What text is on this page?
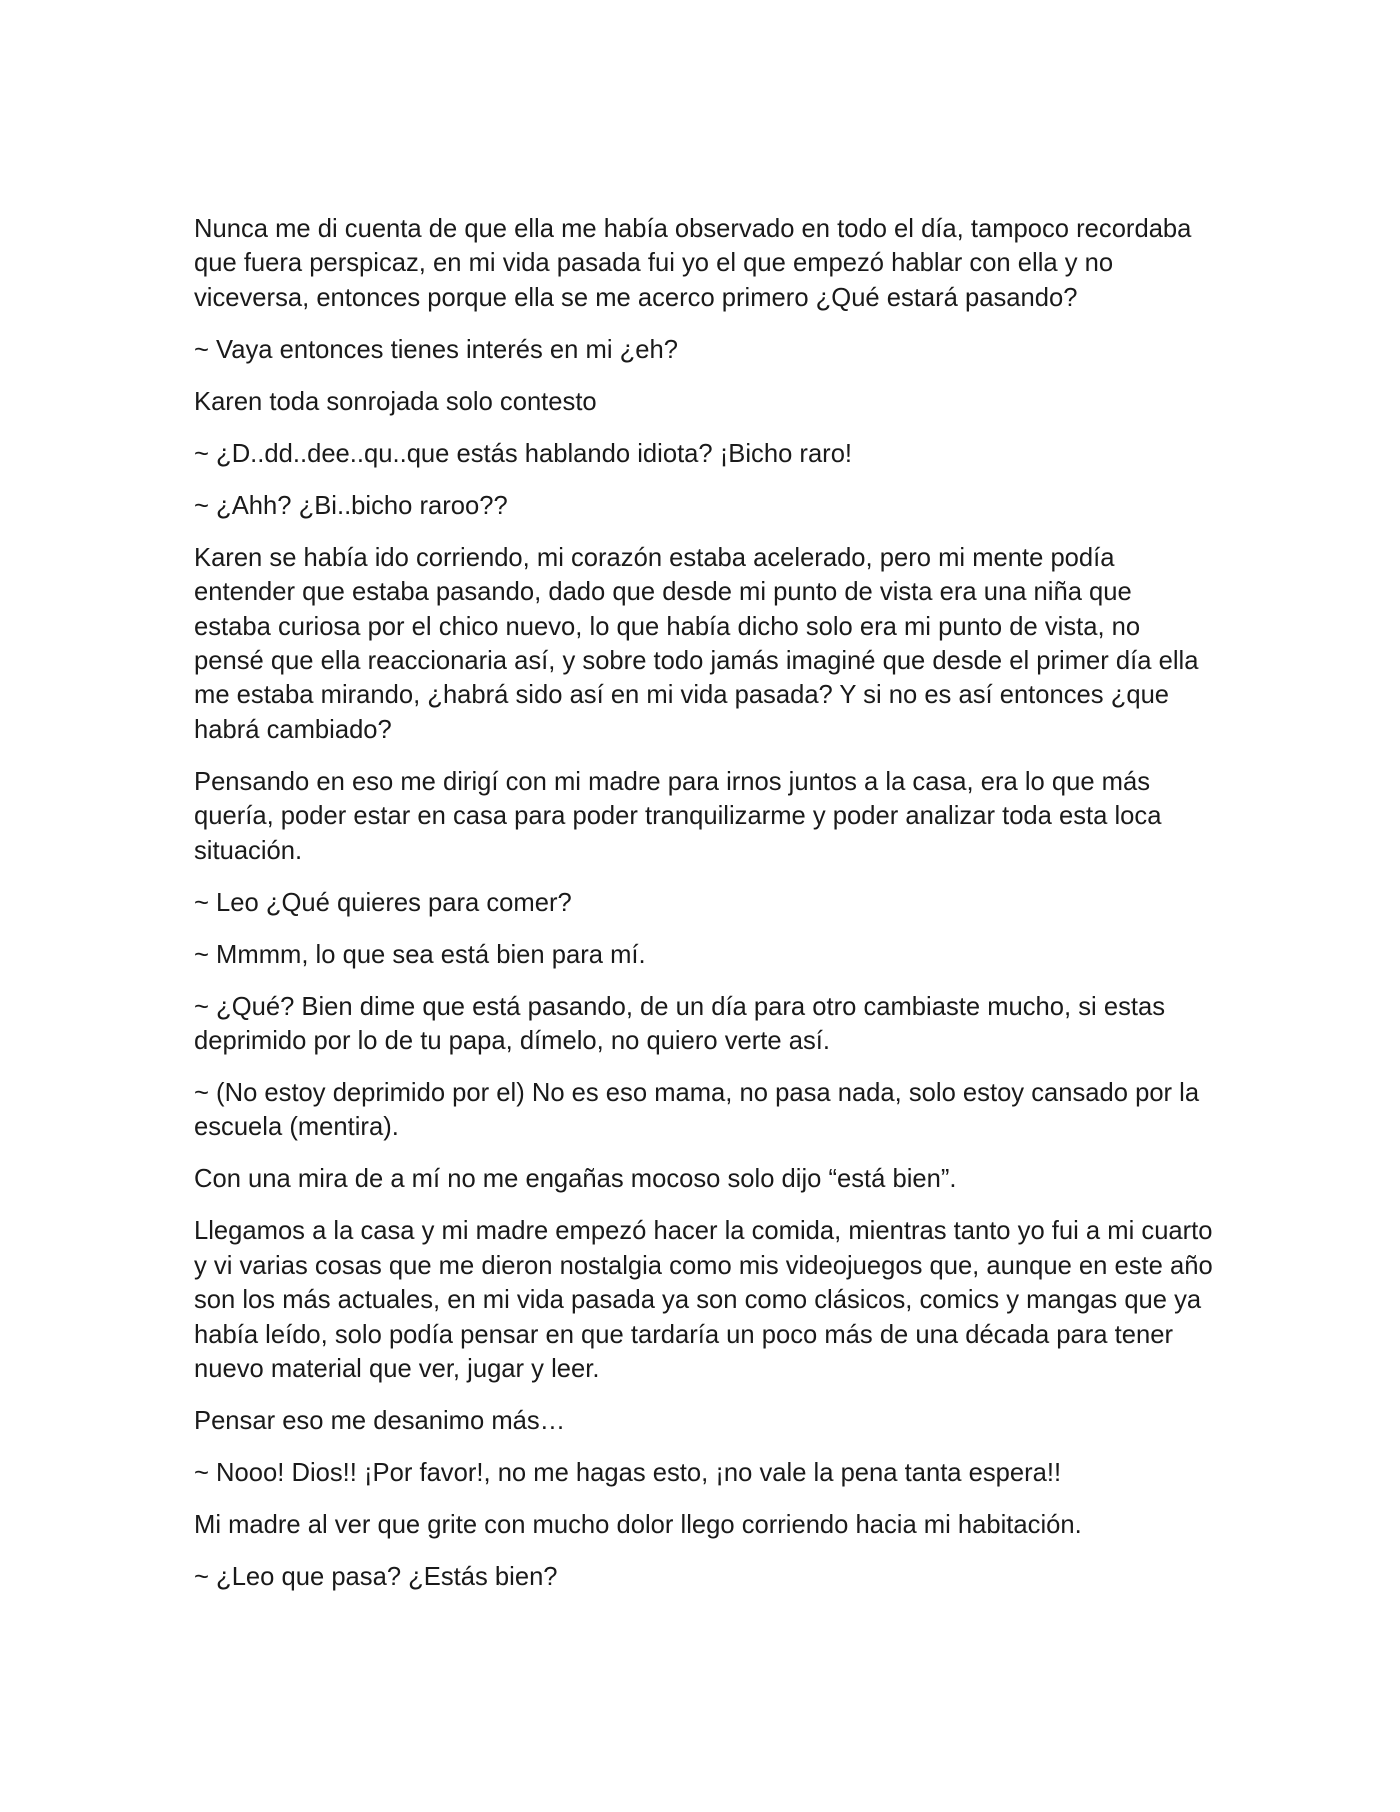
Nunca me di cuenta de que ella me había observado en todo el día, tampoco recordaba que fuera perspicaz, en mi vida pasada fui yo el que empezó hablar con ella y no viceversa, entonces porque ella se me acerco primero ¿Qué estará pasando?

~ Vaya entonces tienes interés en mi ¿eh?

Karen toda sonrojada solo contesto

~ ¿D..dd..dee..qu..que estás hablando idiota? ¡Bicho raro!

~ ¿Ahh? ¿Bi..bicho raroo??

Karen se había ido corriendo, mi corazón estaba acelerado, pero mi mente podía entender que estaba pasando, dado que desde mi punto de vista era una niña que estaba curiosa por el chico nuevo, lo que había dicho solo era mi punto de vista, no pensé que ella reaccionaria así, y sobre todo jamás imaginé que desde el primer día ella me estaba mirando, ¿habrá sido así en mi vida pasada? Y si no es así entonces ¿que habrá cambiado?

Pensando en eso me dirigí con mi madre para irnos juntos a la casa, era lo que más quería, poder estar en casa para poder tranquilizarme y poder analizar toda esta loca situación.

~ Leo ¿Qué quieres para comer?

~ Mmmm, lo que sea está bien para mí.

~ ¿Qué? Bien dime que está pasando, de un día para otro cambiaste mucho, si estas deprimido por lo de tu papa, dímelo, no quiero verte así.

~ (No estoy deprimido por el) No es eso mama, no pasa nada, solo estoy cansado por la escuela (mentira).

Con una mira de a mí no me engañas mocoso solo dijo “está bien”.

Llegamos a la casa y mi madre empezó hacer la comida, mientras tanto yo fui a mi cuarto y vi varias cosas que me dieron nostalgia como mis videojuegos que, aunque en este año son los más actuales, en mi vida pasada ya son como clásicos, comics y mangas que ya había leído, solo podía pensar en que tardaría un poco más de una década para tener nuevo material que ver, jugar y leer.

Pensar eso me desanimo más…

~ Nooo! Dios!! ¡Por favor!, no me hagas esto, ¡no vale la pena tanta espera!!

Mi madre al ver que grite con mucho dolor llego corriendo hacia mi habitación.

~ ¿Leo que pasa? ¿Estás bien?
